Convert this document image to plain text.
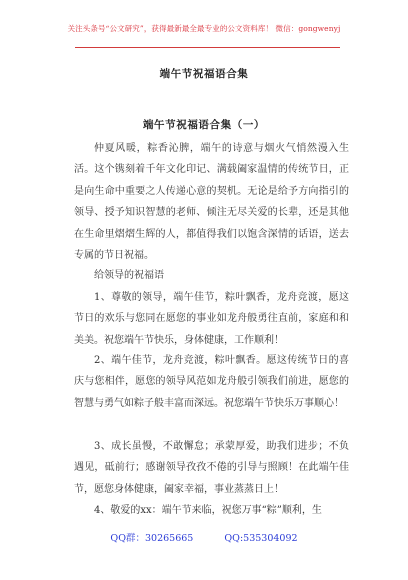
关注头条号“公文研究”，获得最新最全最专业的公文资料库！ 微信：gongwenyj
端午节祝福语合集
端午节祝福语合集（一）

仲夏风暖，粽香沁脾，端午的诗意与烟火气悄然漫入生活。这个镌刻着千年文化印记、满载阖家温情的传统节日，正是向生命中重要之人传递心意的契机。无论是给予方向指引的领导、授予知识智慧的老师、倾注无尽关爱的长辈，还是其他在生命里熠熠生辉的人，都值得我们以饱含深情的话语，送去专属的节日祝福。

给领导的祝福语

1、尊敬的领导，端午佳节，粽叶飘香，龙舟竞渡，愿这节日的欢乐与您同在愿您的事业如龙舟般勇往直前，家庭和和美美。祝您端午节快乐，身体健康，工作顺利！

2、端午佳节，龙舟竞渡，粽叶飘香。愿这传统节日的喜庆与您相伴，愿您的领导风范如龙舟般引领我们前进，愿您的智慧与勇气如粽子般丰富而深远。祝您端午节快乐万事顺心！

3、成长虽慢，不敢懈怠；承蒙厚爱，助我们进步；不负遇见，砥前行；感谢领导孜孜不倦的引导与照顾！在此端午佳节，愿您身体健康，阖家幸福，事业蒸蒸日上！

4、敬爱的xx：端午节来临，祝您万事“粽”顺利，生

QQ群：30265665	QQ:535304092
